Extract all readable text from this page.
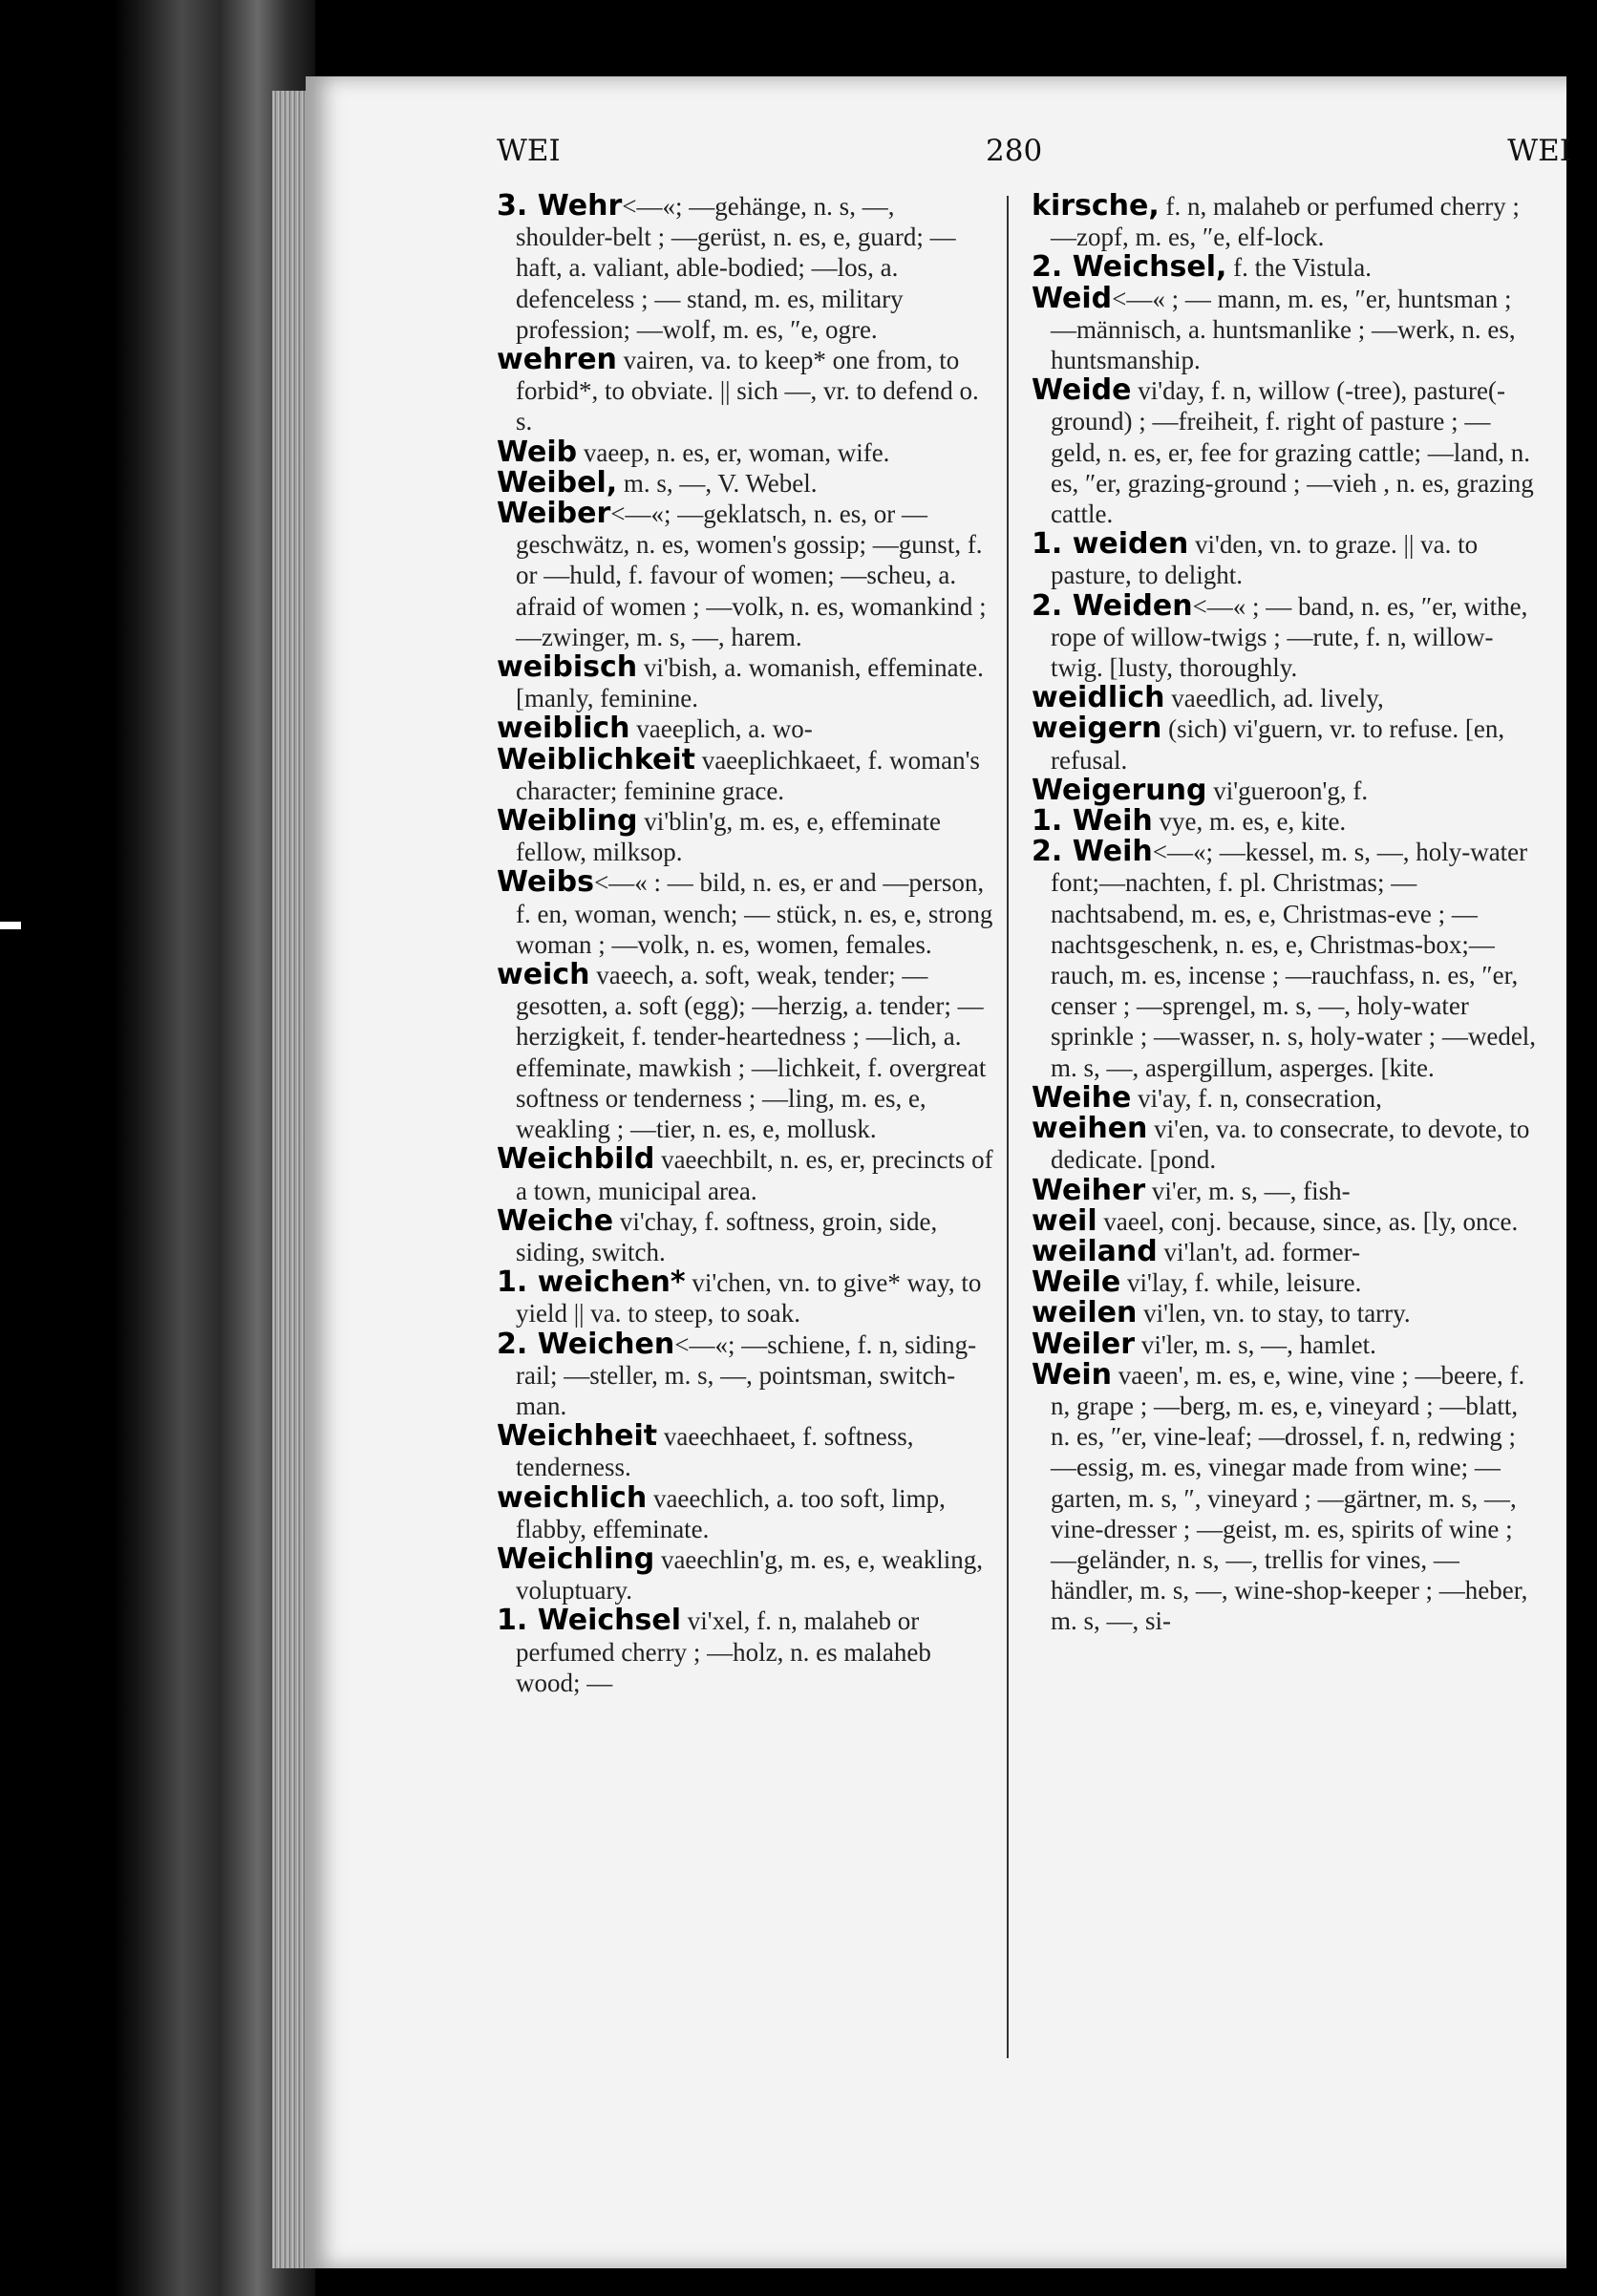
WEI	280	WEI

3. Wehr<—«; —gehänge, n. s, —, shoulder-belt ; —gerüst, n. es, e, guard; —haft, a. valiant, able-bodied; —los, a. defenceless ; — stand, m. es, military profession; —wolf, m. es, ″e, ogre.

wehren vairen, va. to keep* one from, to forbid*, to obviate. || sich —, vr. to defend o. s.

Weib vaeep, n. es, er, woman, wife.

Weibel, m. s, —, V. Webel.

Weiber<—«; —geklatsch, n. es, or —geschwätz, n. es, women's gossip; —gunst, f. or —huld, f. favour of women; —scheu, a. afraid of women ; —volk, n. es, womankind ; —zwinger, m. s, —, harem.

weibisch vi'bish, a. womanish, effeminate. [manly, feminine.

weiblich vaeeplich, a. wo-

Weiblichkeit vaeeplichkaeet, f. woman's character; feminine grace.

Weibling vi'blin'g, m. es, e, effeminate fellow, milksop.

Weibs<—« : — bild, n. es, er and —person, f. en, woman, wench; — stück, n. es, e, strong woman ; —volk, n. es, women, females.

weich vaeech, a. soft, weak, tender; —gesotten, a. soft (egg); —herzig, a. tender; —herzigkeit, f. tender-heartedness ; —lich, a. effeminate, mawkish ; —lichkeit, f. overgreat softness or tenderness ; —ling, m. es, e, weakling ; —tier, n. es, e, mollusk.

Weichbild vaeechbilt, n. es, er, precincts of a town, municipal area.

Weiche vi'chay, f. softness, groin, side, siding, switch.

1. weichen* vi'chen, vn. to give* way, to yield || va. to steep, to soak.

2. Weichen<—«; —schiene, f. n, siding-rail; —steller, m. s, —, pointsman, switch-man.

Weichheit vaeechhaeet, f. softness, tenderness.

weichlich vaeechlich, a. too soft, limp, flabby, effeminate.

Weichling vaeechlin'g, m. es, e, weakling, voluptuary.

1. Weichsel vi'xel, f. n, malaheb or perfumed cherry ; —holz, n. es malaheb wood; —

kirsche, f. n, malaheb or perfumed cherry ; —zopf, m. es, ″e, elf-lock.

2. Weichsel, f. the Vistula.

Weid<—« ; — mann, m. es, ″er, huntsman ; —männisch, a. huntsmanlike ; —werk, n. es, huntsmanship.

Weide vi'day, f. n, willow (-tree), pasture(-ground) ; —freiheit, f. right of pasture ; — geld, n. es, er, fee for grazing cattle; —land, n. es, ″er, grazing-ground ; —vieh , n. es, grazing cattle.

1. weiden vi'den, vn. to graze. || va. to pasture, to delight.

2. Weiden<—« ; — band, n. es, ″er, withe, rope of willow-twigs ; —rute, f. n, willow-twig. [lusty, thoroughly.

weidlich vaeedlich, ad. lively,

weigern (sich) vi'guern, vr. to refuse. [en, refusal.

Weigerung vi'gueroon'g, f.

1. Weih vye, m. es, e, kite.

2. Weih<—«; —kessel, m. s, —, holy-water font;—nachten, f. pl. Christmas; — nachtsabend, m. es, e, Christmas-eve ; —nachtsgeschenk, n. es, e, Christmas-box;—rauch, m. es, incense ; —rauchfass, n. es, ″er, censer ; —sprengel, m. s, —, holy-water sprinkle ; —wasser, n. s, holy-water ; —wedel, m. s, —, aspergillum, asperges. [kite.

Weihe vi'ay, f. n, consecration,

weihen vi'en, va. to consecrate, to devote, to dedicate. [pond.

Weiher vi'er, m. s, —, fish-

weil vaeel, conj. because, since, as. [ly, once.

weiland vi'lan't, ad. former-

Weile vi'lay, f. while, leisure.

weilen vi'len, vn. to stay, to tarry.

Weiler vi'ler, m. s, —, hamlet.

Wein vaeen', m. es, e, wine, vine ; —beere, f. n, grape ; —berg, m. es, e, vineyard ; —blatt, n. es, ″er, vine-leaf; —drossel, f. n, redwing ; —essig, m. es, vinegar made from wine; —garten, m. s, ″, vineyard ; —gärtner, m. s, —, vine-dresser ; —geist, m. es, spirits of wine ; —geländer, n. s, —, trellis for vines, —händler, m. s, —, wine-shop-keeper ; —heber, m. s, —, si-
